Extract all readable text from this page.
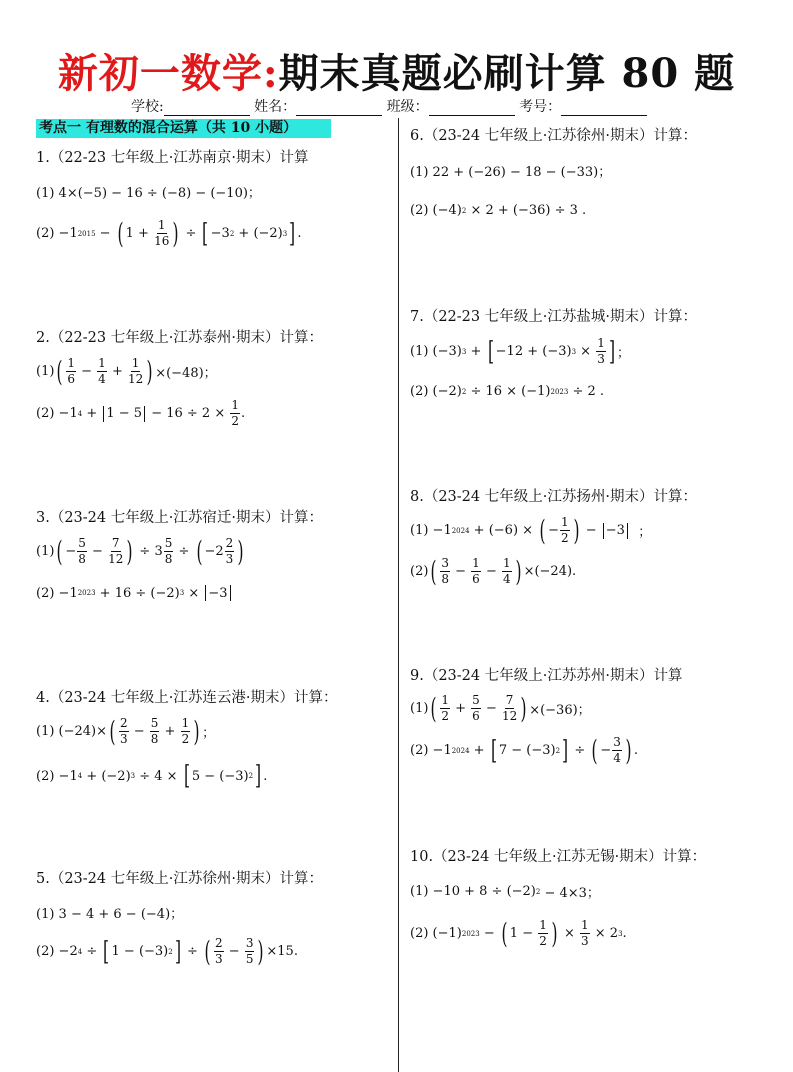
新初一数学:期末真题必刷计算 80 题
学校:	姓名：	班级：	考号：
考点一 有理数的混合运算（共 10 小题）
1.（22-23 七年级上·江苏南京·期末）计算
(1) 4×(−5) − 16 ÷ (−8) − (−10)；
(2) −1 2015 − ( $1 + \frac{1}{16}$ ) ÷ [ −3 2 + (−2) 3 ] .
2.（22-23 七年级上·江苏泰州·期末）计算：
(1) ( $\frac{1}{6} - \frac{1}{4} + \frac{1}{12}$ ) ×(−48)；
(2) −1 $4 + 1 - 5 - 16 \div 2 \times \frac{1}{2}$ .
3.（23-24 七年级上·江苏宿迁·期末）计算：
(1) ( − $\frac{5}{8} - \frac{7}{12}$ ) ÷ $3 \frac{5}{8}$ ÷ ( $-2 \frac{2}{3}$ )
(2) −1 2023 + 16 ÷ (−2) 3 × −3
4.（23-24 七年级上·江苏连云港·期末）计算：
(1) (−24)× ( $\frac{2}{3} - \frac{5}{8} + \frac{1}{2}$ ) ；
(2) −1 4 + (−2) 3 ÷ 4 × [ 5 − (−3) 2 ] .
5.（23-24 七年级上·江苏徐州·期末）计算：
(1) 3 − 4 + 6 − (−4)；
(2) −2 4 ÷ [ 1 − (−3) 2 ] ÷ ( $\frac{2}{3} - \frac{3}{5}$ ) ×15.
6.（23-24 七年级上·江苏徐州·期末）计算：
(1) 22 + (−26) − 18 − (−33)；
(2) (−4) 2 × 2 + (−36) ÷ 3 .
7.（22-23 七年级上·江苏盐城·期末）计算：
(1) (−3) 3 + [ −12 + (−3) $3 \times \frac{1}{3}$ ] ；
(2) (−2) 2 ÷ 16 × (−1) 2023 ÷ 2 .
8.（23-24 七年级上·江苏扬州·期末）计算：
(1) −1 2024 + (−6) × ( − $\frac{1}{2}$ ) − −3 ；
(2) ( $\frac{3}{8} - \frac{1}{6} - \frac{1}{4}$ ) ×(−24).
9.（23-24 七年级上·江苏苏州·期末）计算
(1) ( $\frac{1}{2} + \frac{5}{6} - \frac{7}{12}$ ) ×(−36)；
(2) −1 2024 + [ 7 − (−3) 2 ] ÷ ( − $\frac{3}{4}$ ) .
10.（23-24 七年级上·江苏无锡·期末）计算：
(1) −10 + 8 ÷ (−2) 2 − 4×3；
(2) (−1) 2023 − ( $1 - \frac{1}{2}$ ) × $\frac{1}{3} \times 2$ 3 .
